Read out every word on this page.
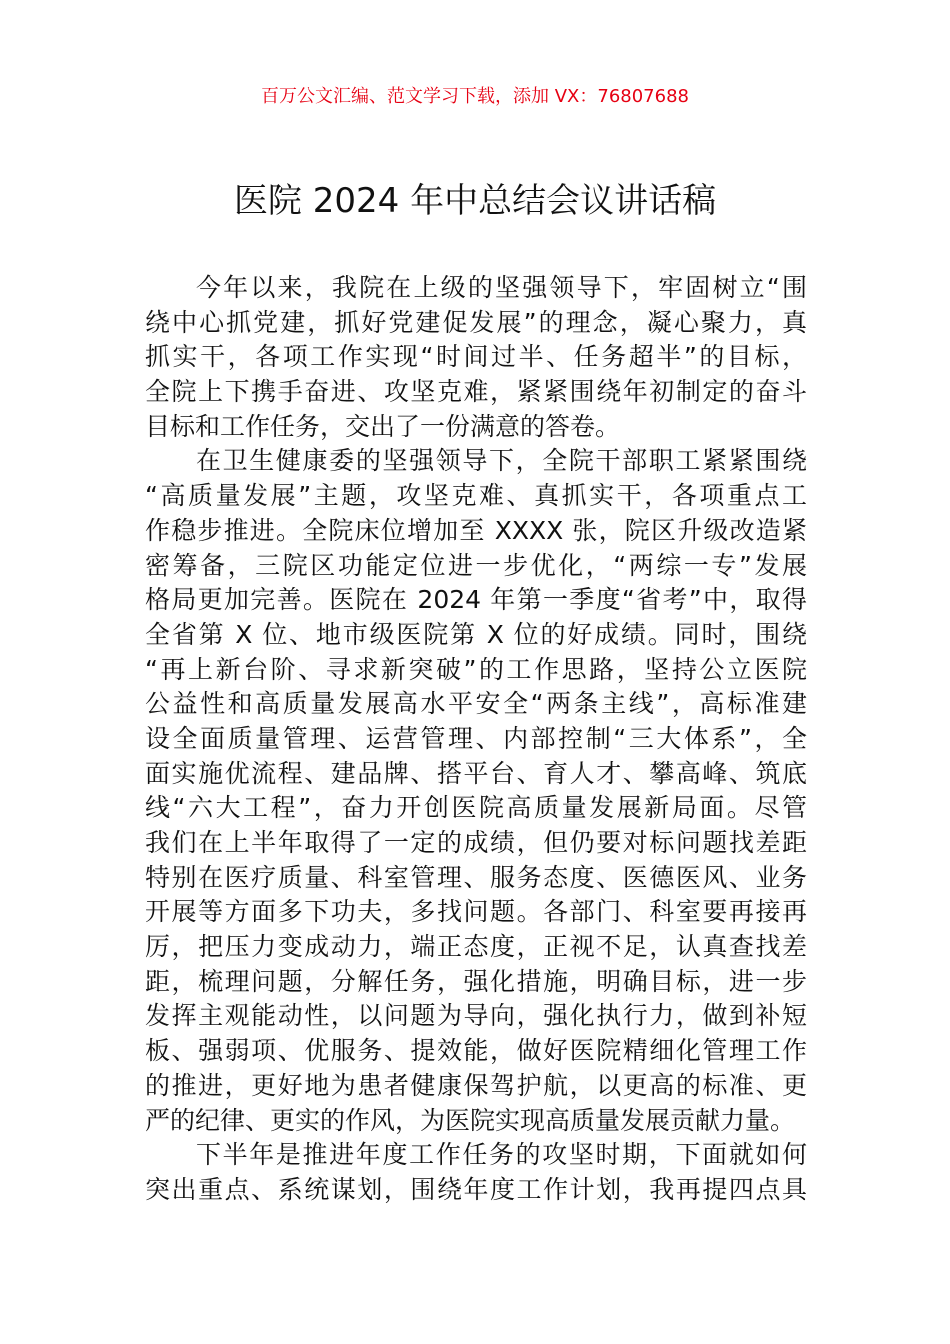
百万公文汇编、范文学习下载，添加 VX：76807688
医院 2024 年中总结会议讲话稿
今年以来，我院在上级的坚强领导下，牢固树立“围
绕中心抓党建，抓好党建促发展”的理念，凝心聚力，真
抓实干，各项工作实现“时间过半、任务超半”的目标，
全院上下携手奋进、攻坚克难，紧紧围绕年初制定的奋斗
目标和工作任务，交出了一份满意的答卷。
在卫生健康委的坚强领导下，全院干部职工紧紧围绕
“高质量发展”主题，攻坚克难、真抓实干，各项重点工
作稳步推进。全院床位增加至 XXXX 张，院区升级改造紧
密筹备，三院区功能定位进一步优化，“两综一专”发展
格局更加完善。医院在 2024 年第一季度“省考”中，取得
全省第 X 位、地市级医院第 X 位的好成绩。同时，围绕
“再上新台阶、寻求新突破”的工作思路，坚持公立医院
公益性和高质量发展高水平安全“两条主线”，高标准建
设全面质量管理、运营管理、内部控制“三大体系”，全
面实施优流程、建品牌、搭平台、育人才、攀高峰、筑底
线“六大工程”，奋力开创医院高质量发展新局面。尽管
我们在上半年取得了一定的成绩，但仍要对标问题找差距
特别在医疗质量、科室管理、服务态度、医德医风、业务
开展等方面多下功夫，多找问题。各部门、科室要再接再
厉，把压力变成动力，端正态度，正视不足，认真查找差
距，梳理问题，分解任务，强化措施，明确目标，进一步
发挥主观能动性，以问题为导向，强化执行力，做到补短
板、强弱项、优服务、提效能，做好医院精细化管理工作
的推进，更好地为患者健康保驾护航，以更高的标准、更
严的纪律、更实的作风，为医院实现高质量发展贡献力量。
下半年是推进年度工作任务的攻坚时期，下面就如何
突出重点、系统谋划，围绕年度工作计划，我再提四点具
